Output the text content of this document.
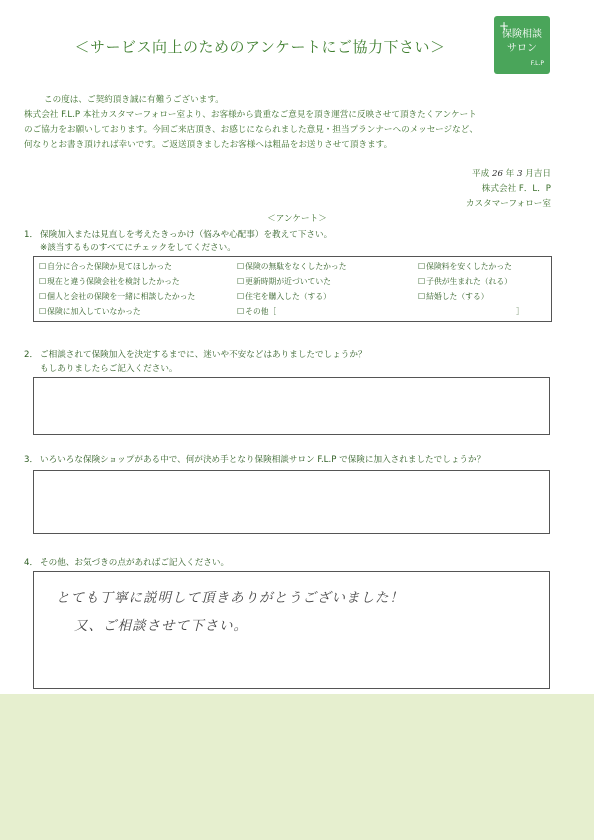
＜サービス向上のためのアンケートにご協力下さい＞
+
保険相談
サロン
F.L.P
この度は、ご契約頂き誠に有難うございます。
株式会社 F.L.P 本社カスタマーフォロー室より、お客様から貴重なご意見を頂き運営に反映させて頂きたくアンケート
のご協力をお願いしております。今回ご来店頂き、お感じになられました意見・担当プランナーへのメッセージなど、
何なりとお書き頂ければ幸いです。ご返送頂きましたお客様へは粗品をお送りさせて頂きます。
平成 26 年 3 月吉日
株式会社 F．L．P
カスタマーフォロー室
＜アンケート＞
1． 保険加入または見直しを考えたきっかけ（悩みや心配事）を教えて下さい。
※該当するものすべてにチェックをしてください。
☐自分に合った保険か見てほしかった	☐保険の無駄をなくしたかった	☐保険料を安くしたかった
☐現在と違う保険会社を検討したかった	☐更新時期が近づいていた	☐子供が生まれた（れる）
☐個人と会社の保険を一緒に相談したかった	☐住宅を購入した（する）	☐結婚した（する）
☐保険に加入していなかった	☐その他［	］
2． ご相談されて保険加入を決定するまでに、迷いや不安などはありましたでしょうか？
もしありましたらご記入ください。
3． いろいろな保険ショップがある中で、何が決め手となり保険相談サロン F.L.P で保険に加入されましたでしょうか？
4． その他、お気づきの点があればご記入ください。
とても丁寧に説明して頂きありがとうございました！
又、ご相談させて下さい。
